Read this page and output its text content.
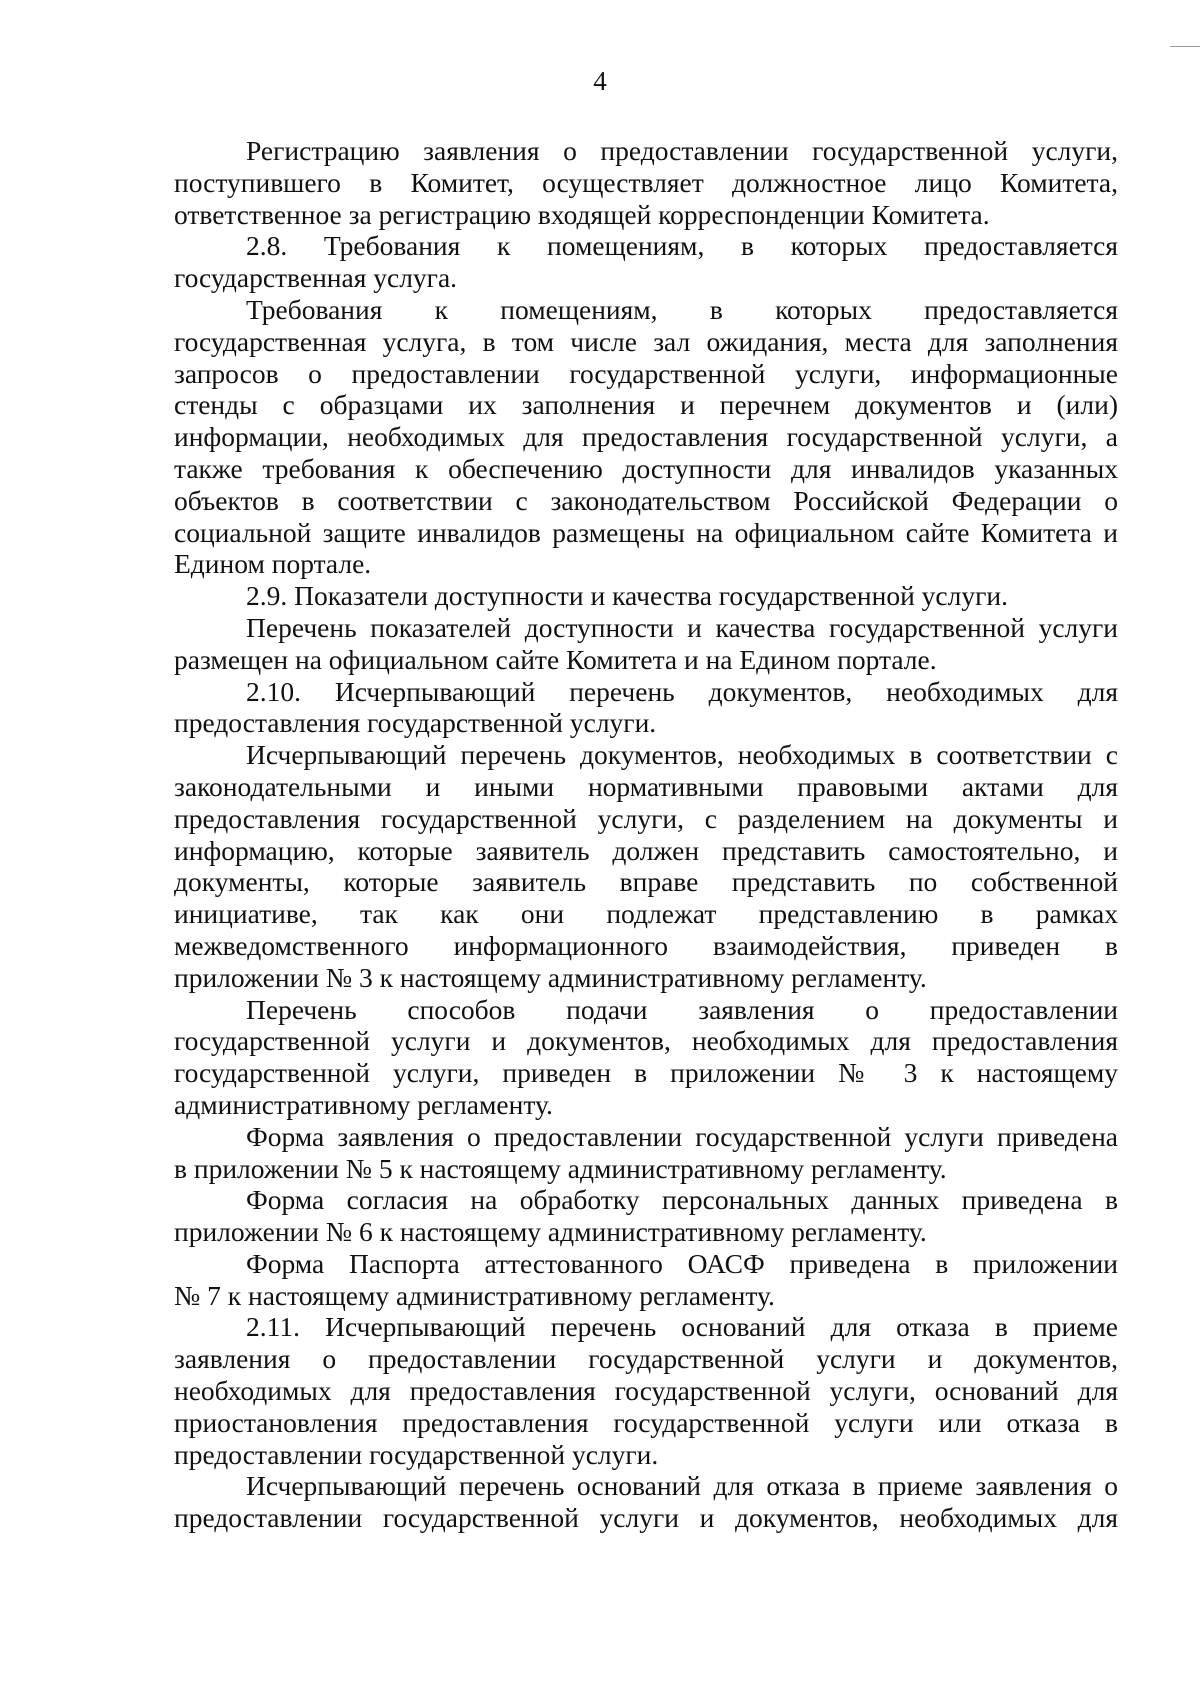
4
Регистрацию заявления о предоставлении государственной услуги,
поступившего в Комитет, осуществляет должностное лицо Комитета,
ответственное за регистрацию входящей корреспонденции Комитета.
2.8. Требования к помещениям, в которых предоставляется
государственная услуга.
Требования к помещениям, в которых предоставляется
государственная услуга, в том числе зал ожидания, места для заполнения
запросов о предоставлении государственной услуги, информационные
стенды с образцами их заполнения и перечнем документов и (или)
информации, необходимых для предоставления государственной услуги, а
также требования к обеспечению доступности для инвалидов указанных
объектов в соответствии с законодательством Российской Федерации о
социальной защите инвалидов размещены на официальном сайте Комитета и
Едином портале.
2.9. Показатели доступности и качества государственной услуги.
Перечень показателей доступности и качества государственной услуги
размещен на официальном сайте Комитета и на Едином портале.
2.10. Исчерпывающий перечень документов, необходимых для
предоставления государственной услуги.
Исчерпывающий перечень документов, необходимых в соответствии с
законодательными и иными нормативными правовыми актами для
предоставления государственной услуги, с разделением на документы и
информацию, которые заявитель должен представить самостоятельно, и
документы, которые заявитель вправе представить по собственной
инициативе, так как они подлежат представлению в рамках
межведомственного информационного взаимодействия, приведен в
приложении № 3 к настоящему административному регламенту.
Перечень способов подачи заявления о предоставлении
государственной услуги и документов, необходимых для предоставления
государственной услуги, приведен в приложении № 3 к настоящему
административному регламенту.
Форма заявления о предоставлении государственной услуги приведена
в приложении № 5 к настоящему административному регламенту.
Форма согласия на обработку персональных данных приведена в
приложении № 6 к настоящему административному регламенту.
Форма Паспорта аттестованного ОАСФ приведена в приложении
№ 7 к настоящему административному регламенту.
2.11. Исчерпывающий перечень оснований для отказа в приеме
заявления о предоставлении государственной услуги и документов,
необходимых для предоставления государственной услуги, оснований для
приостановления предоставления государственной услуги или отказа в
предоставлении государственной услуги.
Исчерпывающий перечень оснований для отказа в приеме заявления о
предоставлении государственной услуги и документов, необходимых для
